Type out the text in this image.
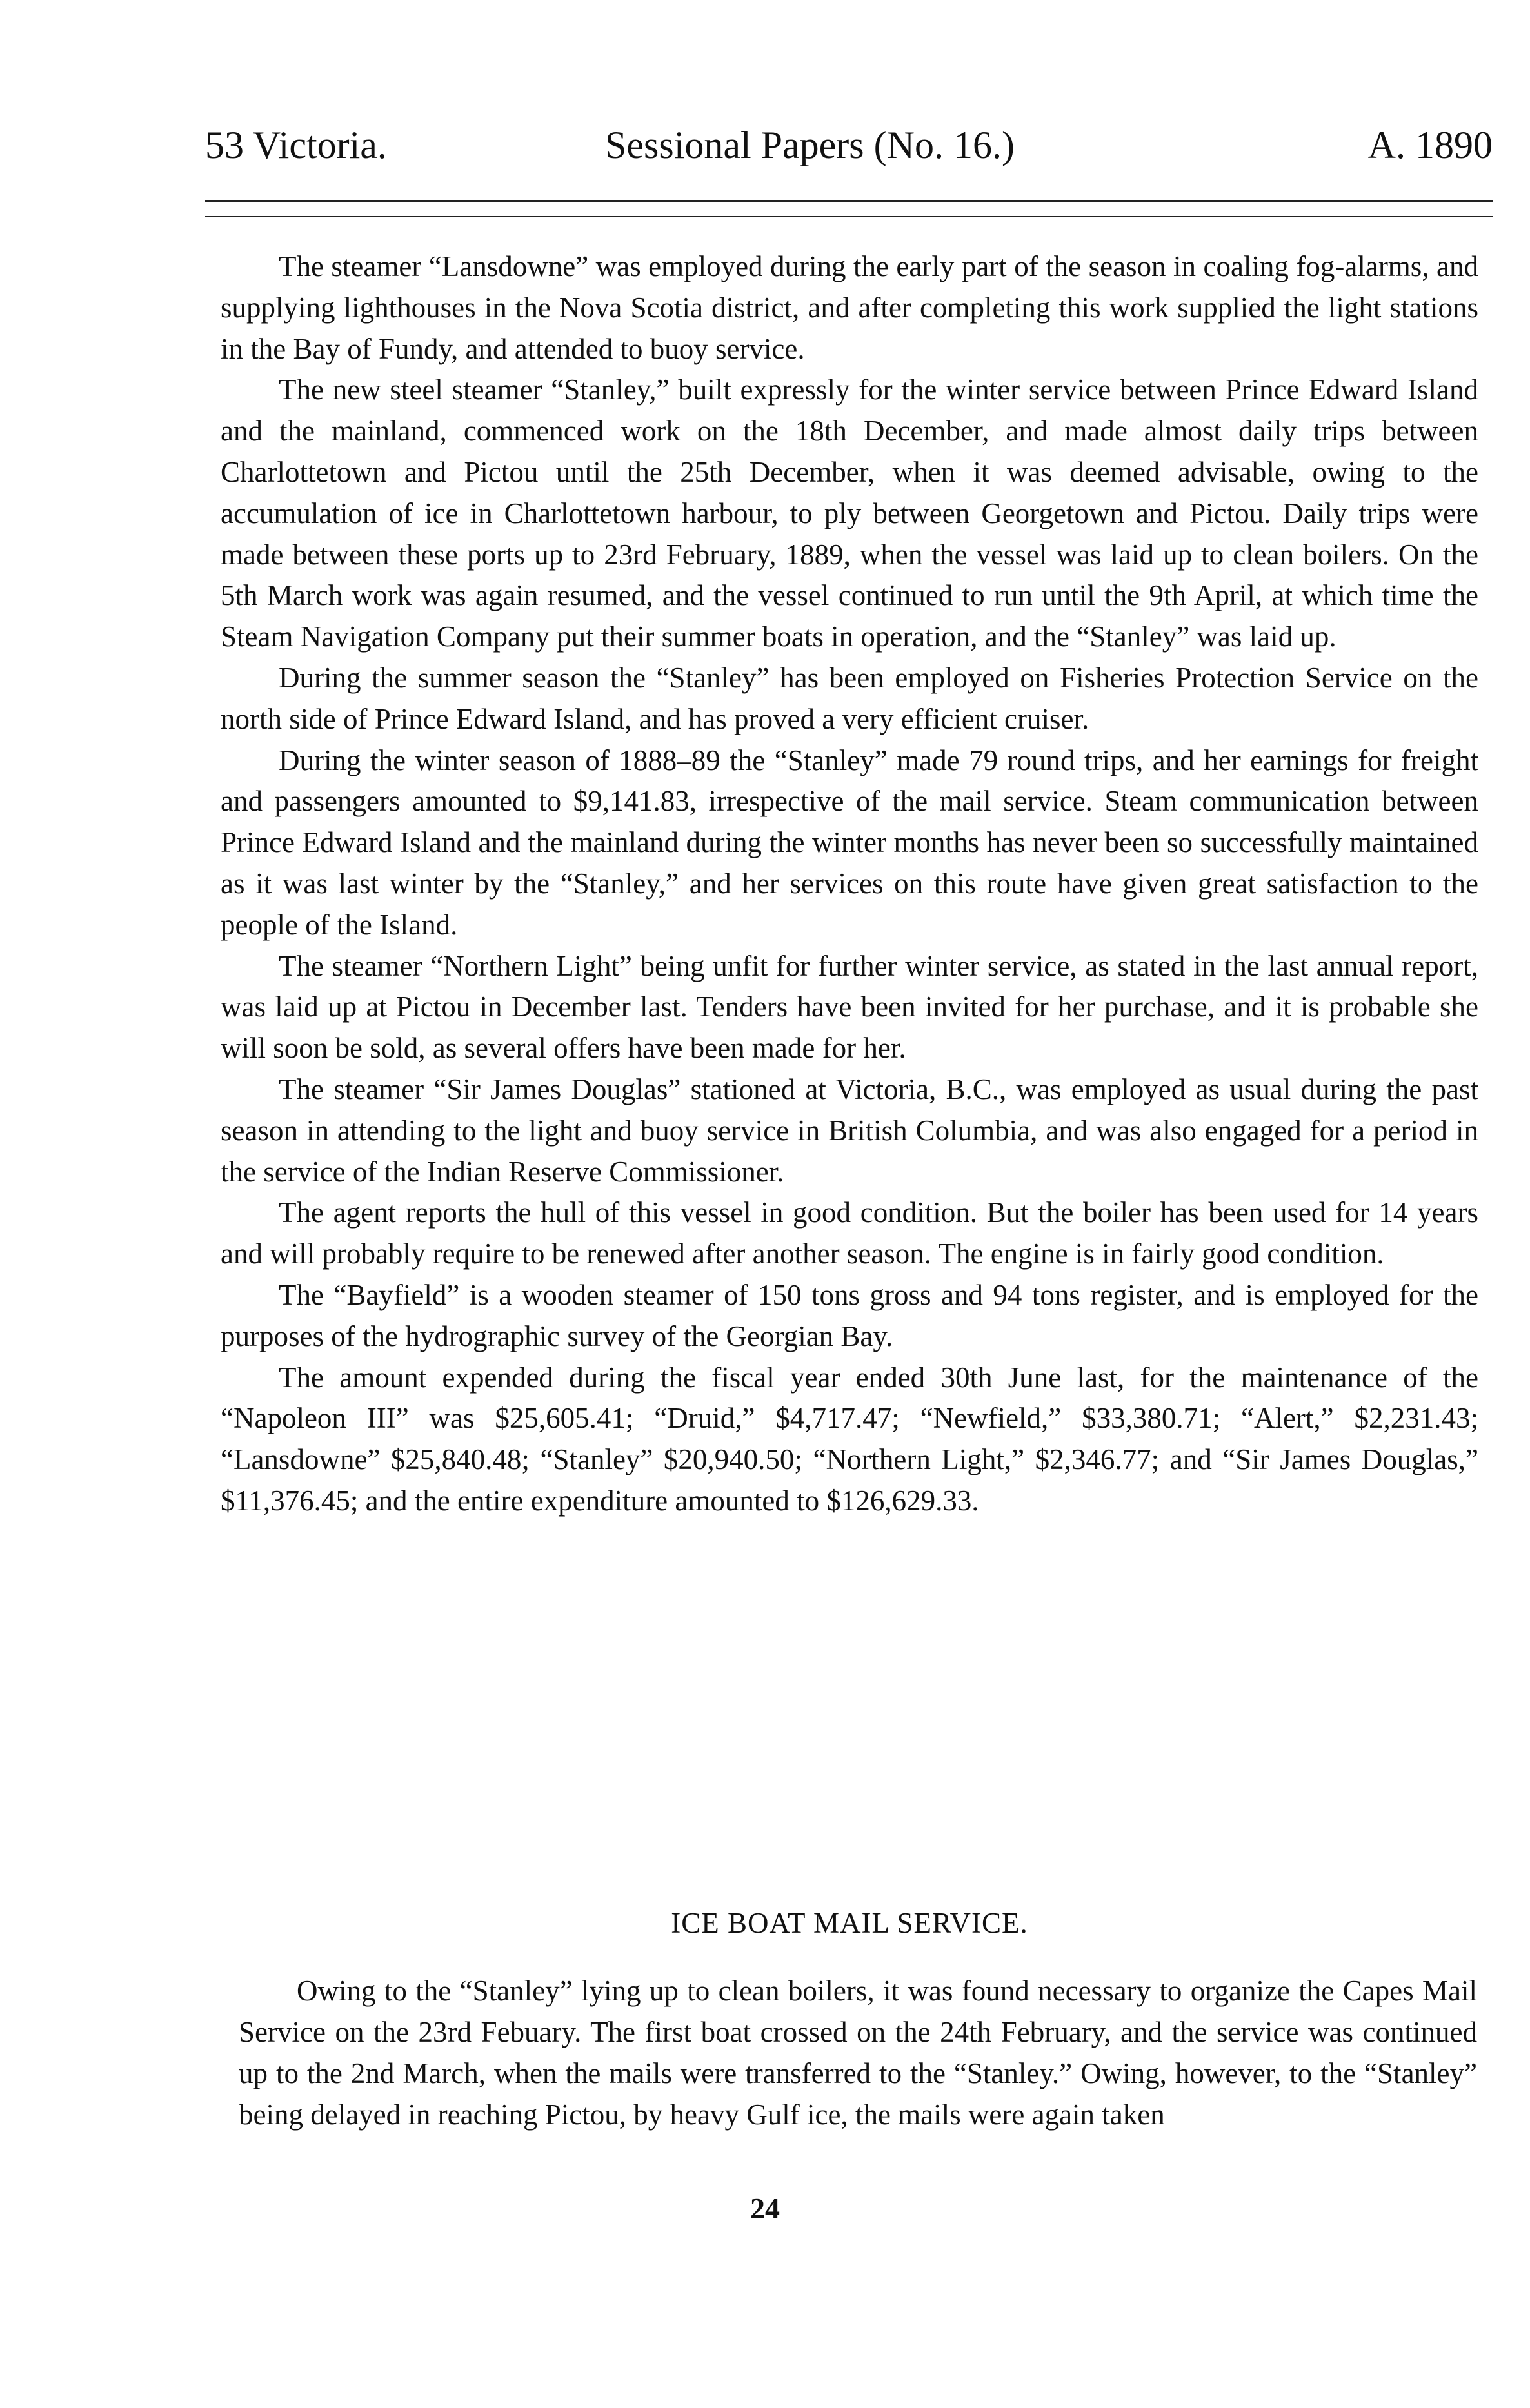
53 Victoria.	Sessional Papers (No. 16.)	A. 1890

The steamer “Lansdowne” was employed during the early part of the season in coaling fog-alarms, and supplying lighthouses in the Nova Scotia district, and after completing this work supplied the light stations in the Bay of Fundy, and attended to buoy service.

The new steel steamer “Stanley,” built expressly for the winter service between Prince Edward Island and the mainland, commenced work on the 18th December, and made almost daily trips between Charlottetown and Pictou until the 25th December, when it was deemed advisable, owing to the accumulation of ice in Charlottetown harbour, to ply between Georgetown and Pictou. Daily trips were made between these ports up to 23rd February, 1889, when the vessel was laid up to clean boilers. On the 5th March work was again resumed, and the vessel continued to run until the 9th April, at which time the Steam Navigation Company put their summer boats in operation, and the “Stanley” was laid up.

During the summer season the “Stanley” has been employed on Fisheries Protection Service on the north side of Prince Edward Island, and has proved a very efficient cruiser.

During the winter season of 1888–89 the “Stanley” made 79 round trips, and her earnings for freight and passengers amounted to $9,141.83, irrespective of the mail service. Steam communication between Prince Edward Island and the mainland during the winter months has never been so successfully maintained as it was last winter by the “Stanley,” and her services on this route have given great satisfaction to the people of the Island.

The steamer “Northern Light” being unfit for further winter service, as stated in the last annual report, was laid up at Pictou in December last. Tenders have been invited for her purchase, and it is probable she will soon be sold, as several offers have been made for her.

The steamer “Sir James Douglas” stationed at Victoria, B.C., was employed as usual during the past season in attending to the light and buoy service in British Columbia, and was also engaged for a period in the service of the Indian Reserve Commissioner.

The agent reports the hull of this vessel in good condition. But the boiler has been used for 14 years and will probably require to be renewed after another season. The engine is in fairly good condition.

The “Bayfield” is a wooden steamer of 150 tons gross and 94 tons register, and is employed for the purposes of the hydrographic survey of the Georgian Bay.

The amount expended during the fiscal year ended 30th June last, for the maintenance of the “Napoleon III” was $25,605.41; “Druid,” $4,717.47; “Newfield,” $33,380.71; “Alert,” $2,231.43; “Lansdowne” $25,840.48; “Stanley” $20,940.50; “Northern Light,” $2,346.77; and “Sir James Douglas,” $11,376.45; and the entire expenditure amounted to $126,629.33.

ICE BOAT MAIL SERVICE.

Owing to the “Stanley” lying up to clean boilers, it was found necessary to organize the Capes Mail Service on the 23rd Febuary. The first boat crossed on the 24th February, and the service was continued up to the 2nd March, when the mails were transferred to the “Stanley.” Owing, however, to the “Stanley” being delayed in reaching Pictou, by heavy Gulf ice, the mails were again taken

24
